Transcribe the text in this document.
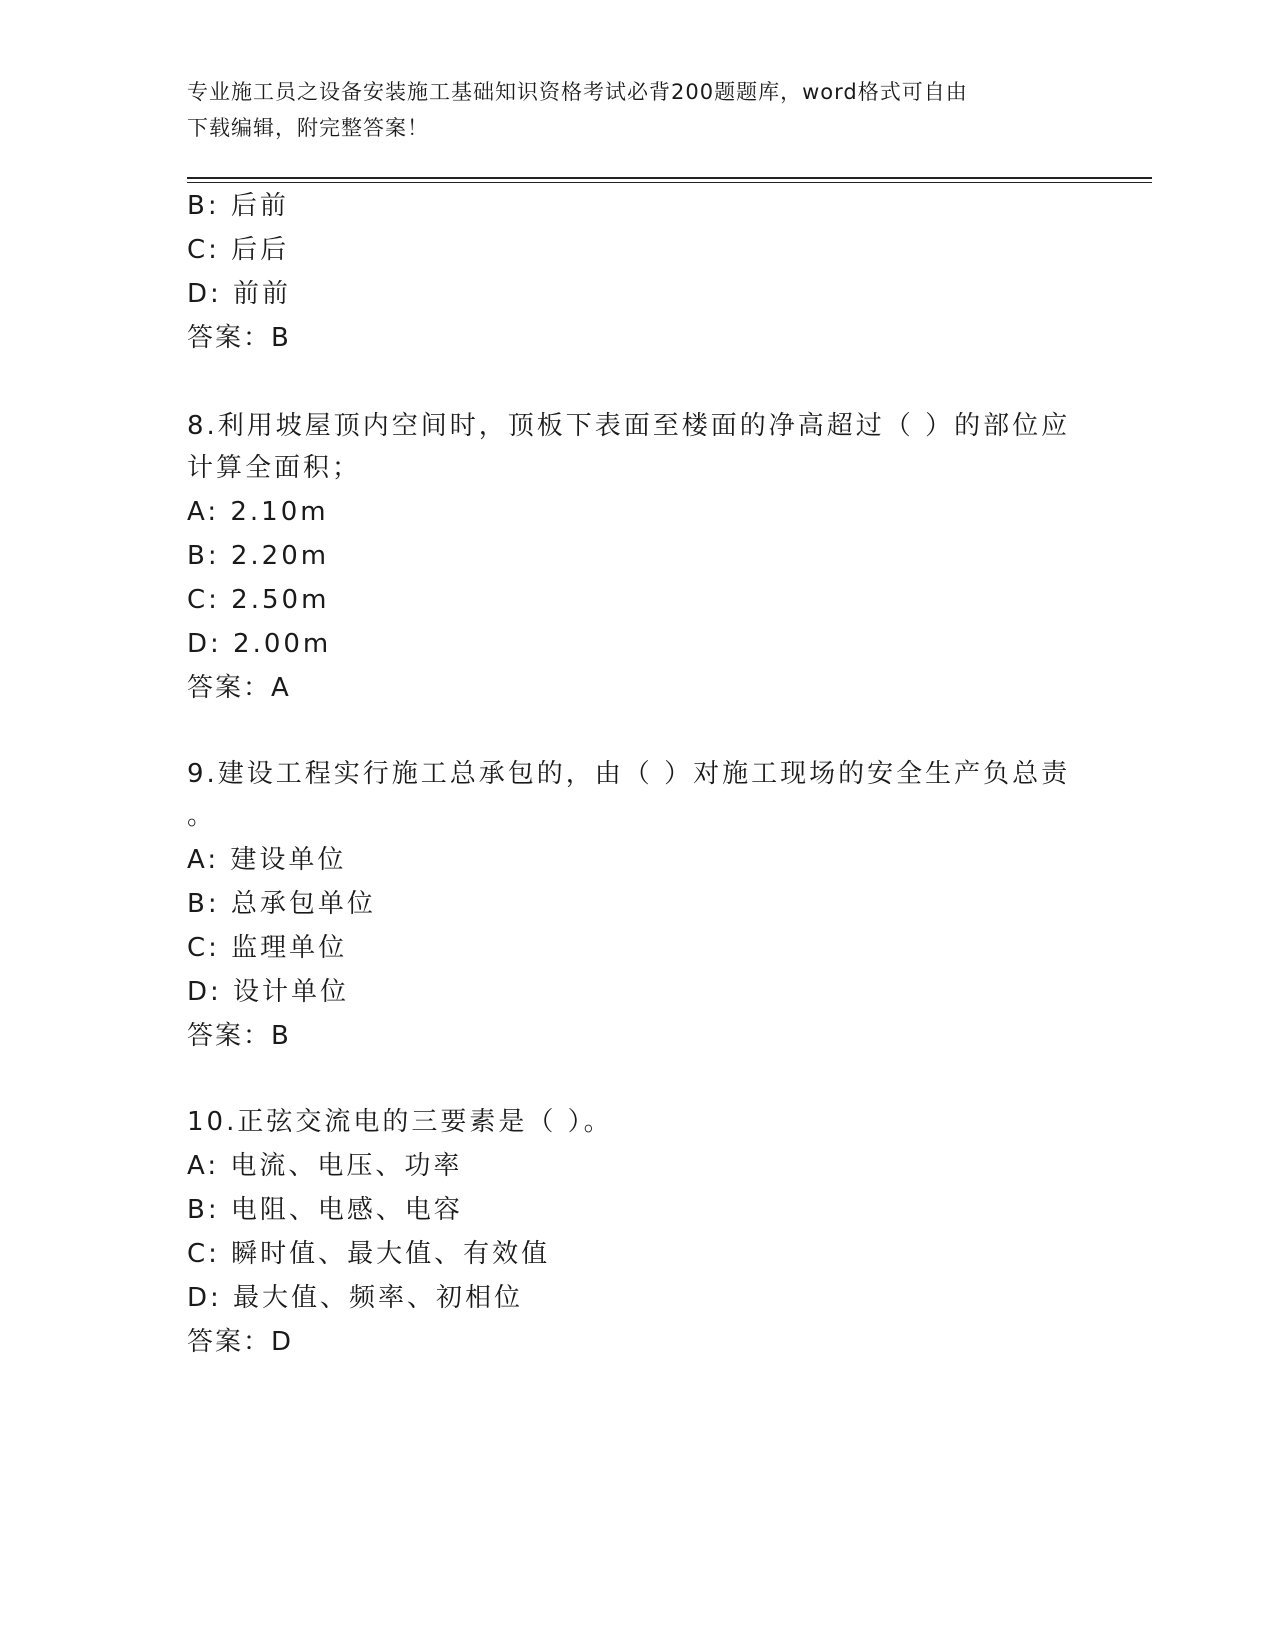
专业施工员之设备安装施工基础知识资格考试必背200题题库，word格式可自由
下载编辑，附完整答案！
B: 后前
C: 后后
D: 前前
答案：B
8.利用坡屋顶内空间时，顶板下表面至楼面的净高超过（ ）的部位应
计算全面积；
A: 2.10m
B: 2.20m
C: 2.50m
D: 2.00m
答案：A
9.建设工程实行施工总承包的，由（ ）对施工现场的安全生产负总责
。
A: 建设单位
B: 总承包单位
C: 监理单位
D: 设计单位
答案：B
10.正弦交流电的三要素是（ ）。
A: 电流、电压、功率
B: 电阻、电感、电容
C: 瞬时值、最大值、有效值
D: 最大值、频率、初相位
答案：D
